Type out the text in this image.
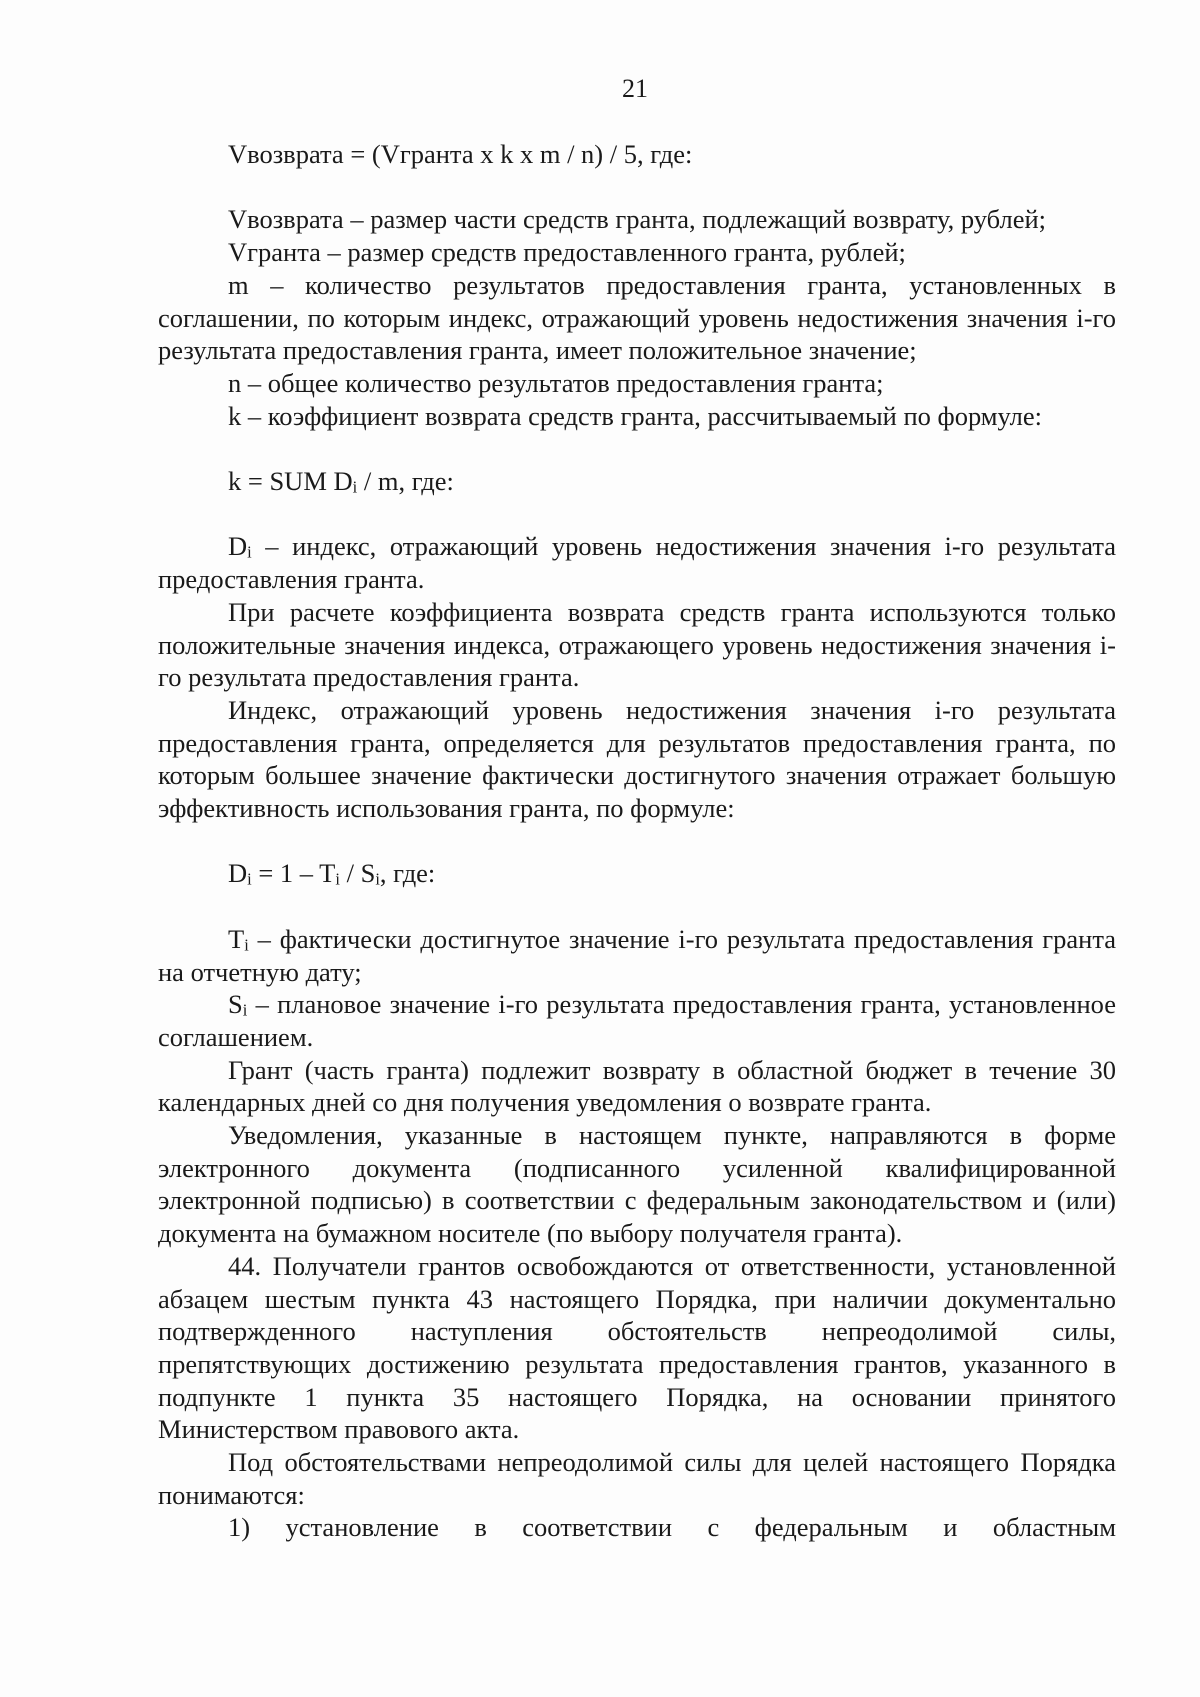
21

Vвозврата = (Vгранта x k x m / n) / 5, где:

Vвозврата – размер части средств гранта, подлежащий возврату, рублей;

Vгранта – размер средств предоставленного гранта, рублей;

m – количество результатов предоставления гранта, установленных в соглашении, по которым индекс, отражающий уровень недостижения значения i-го результата предоставления гранта, имеет положительное значение;

n – общее количество результатов предоставления гранта;

k – коэффициент возврата средств гранта, рассчитываемый по формуле:

k = SUM $D_i$ / m, где:

$D_i$ – индекс, отражающий уровень недостижения значения i-го результата предоставления гранта.

При расчете коэффициента возврата средств гранта используются только положительные значения индекса, отражающего уровень недостижения значения i-го результата предоставления гранта.

Индекс, отражающий уровень недостижения значения i-го результата предоставления гранта, определяется для результатов предоставления гранта, по которым большее значение фактически достигнутого значения отражает большую эффективность использования гранта, по формуле:

$D_i = 1 - T_i / S_i$, где:

$T_i$ – фактически достигнутое значение i-го результата предоставления гранта на отчетную дату;

$S_i$ – плановое значение i-го результата предоставления гранта, установленное соглашением.

Грант (часть гранта) подлежит возврату в областной бюджет в течение 30 календарных дней со дня получения уведомления о возврате гранта.

Уведомления, указанные в настоящем пункте, направляются в форме электронного документа (подписанного усиленной квалифицированной электронной подписью) в соответствии с федеральным законодательством и (или) документа на бумажном носителе (по выбору получателя гранта).

44. Получатели грантов освобождаются от ответственности, установленной абзацем шестым пункта 43 настоящего Порядка, при наличии документально подтвержденного наступления обстоятельств непреодолимой силы, препятствующих достижению результата предоставления грантов, указанного в подпункте 1 пункта 35 настоящего Порядка, на основании принятого Министерством правового акта.

Под обстоятельствами непреодолимой силы для целей настоящего Порядка понимаются:

1) установление в соответствии с федеральным и областным
